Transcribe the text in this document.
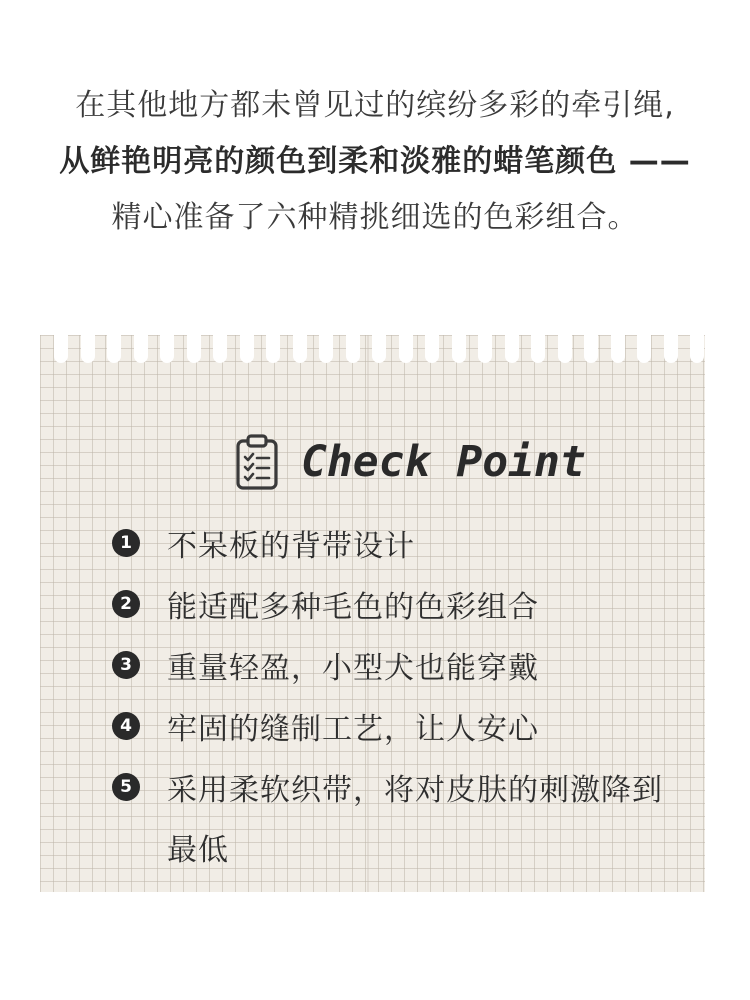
在其他地方都未曾见过的缤纷多彩的牵引绳,
从鲜艳明亮的颜色到柔和淡雅的蜡笔颜色 ——
精心准备了六种精挑细选的色彩组合。
Check Point
1 不呆板的背带设计
2 能适配多种毛色的色彩组合
3 重量轻盈，小型犬也能穿戴
4 牢固的缝制工艺，让人安心
5 采用柔软织带，将对皮肤的刺激降到最低
